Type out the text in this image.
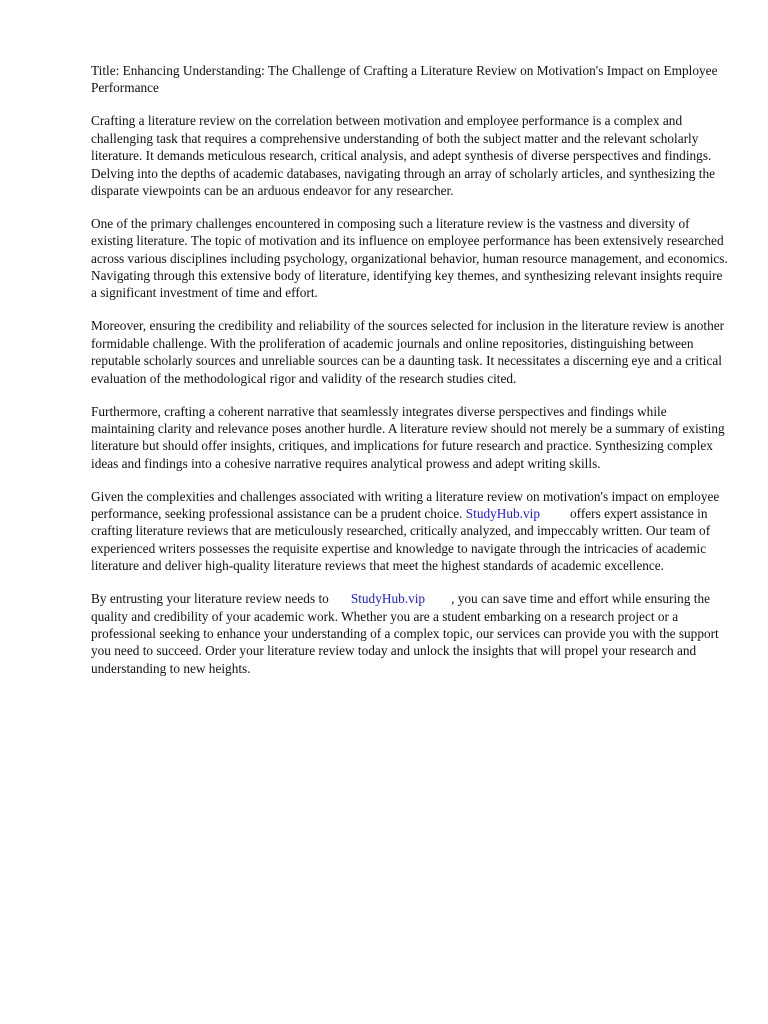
Title: Enhancing Understanding: The Challenge of Crafting a Literature Review on Motivation's Impact on Employee Performance

Crafting a literature review on the correlation between motivation and employee performance is a complex and challenging task that requires a comprehensive understanding of both the subject matter and the relevant scholarly literature. It demands meticulous research, critical analysis, and adept synthesis of diverse perspectives and findings. Delving into the depths of academic databases, navigating through an array of scholarly articles, and synthesizing the disparate viewpoints can be an arduous endeavor for any researcher.

One of the primary challenges encountered in composing such a literature review is the vastness and diversity of existing literature. The topic of motivation and its influence on employee performance has been extensively researched across various disciplines including psychology, organizational behavior, human resource management, and economics. Navigating through this extensive body of literature, identifying key themes, and synthesizing relevant insights require a significant investment of time and effort.

Moreover, ensuring the credibility and reliability of the sources selected for inclusion in the literature review is another formidable challenge. With the proliferation of academic journals and online repositories, distinguishing between reputable scholarly sources and unreliable sources can be a daunting task. It necessitates a discerning eye and a critical evaluation of the methodological rigor and validity of the research studies cited.

Furthermore, crafting a coherent narrative that seamlessly integrates diverse perspectives and findings while maintaining clarity and relevance poses another hurdle. A literature review should not merely be a summary of existing literature but should offer insights, critiques, and implications for future research and practice. Synthesizing complex ideas and findings into a cohesive narrative requires analytical prowess and adept writing skills.

Given the complexities and challenges associated with writing a literature review on motivation's impact on employee performance, seeking professional assistance can be a prudent choice. StudyHub.vip offers expert assistance in crafting literature reviews that are meticulously researched, critically analyzed, and impeccably written. Our team of experienced writers possesses the requisite expertise and knowledge to navigate through the intricacies of academic literature and deliver high-quality literature reviews that meet the highest standards of academic excellence.

By entrusting your literature review needs to StudyHub.vip , you can save time and effort while ensuring the quality and credibility of your academic work. Whether you are a student embarking on a research project or a professional seeking to enhance your understanding of a complex topic, our services can provide you with the support you need to succeed. Order your literature review today and unlock the insights that will propel your research and understanding to new heights.
